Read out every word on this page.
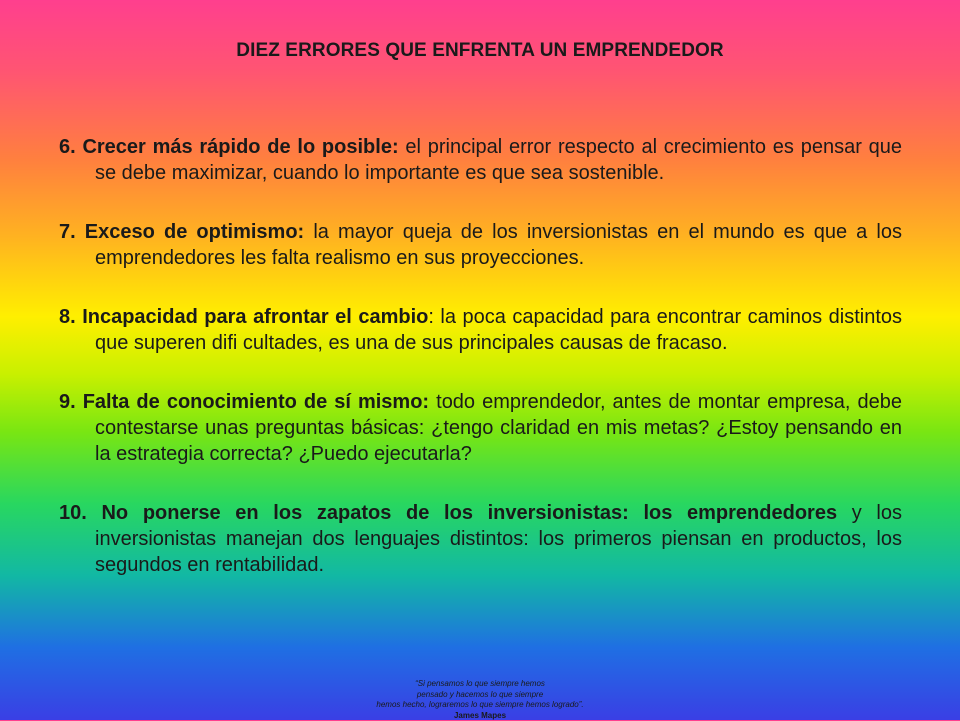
DIEZ ERRORES QUE ENFRENTA UN EMPRENDEDOR

6. Crecer más rápido de lo posible: el principal error respecto al crecimiento es pensar que se debe maximizar, cuando lo importante es que sea sostenible.

7. Exceso de optimismo: la mayor queja de los inversionistas en el mundo es que a los emprendedores les falta realismo en sus proyecciones.

8. Incapacidad para afrontar el cambio: la poca capacidad para encontrar caminos distintos que superen difi cultades, es una de sus principales causas de fracaso.

9. Falta de conocimiento de sí mismo: todo emprendedor, antes de montar empresa, debe contestarse unas preguntas básicas: ¿tengo claridad en mis metas? ¿Estoy pensando en la estrategia correcta? ¿Puedo ejecutarla?

10. No ponerse en los zapatos de los inversionistas: los emprendedores y los inversionistas manejan dos lenguajes distintos: los primeros piensan en productos, los segundos en rentabilidad.

“Si pensamos lo que siempre hemos
pensado y hacemos lo que siempre
hemos hecho, lograremos lo que siempre hemos logrado”.
James Mapes
